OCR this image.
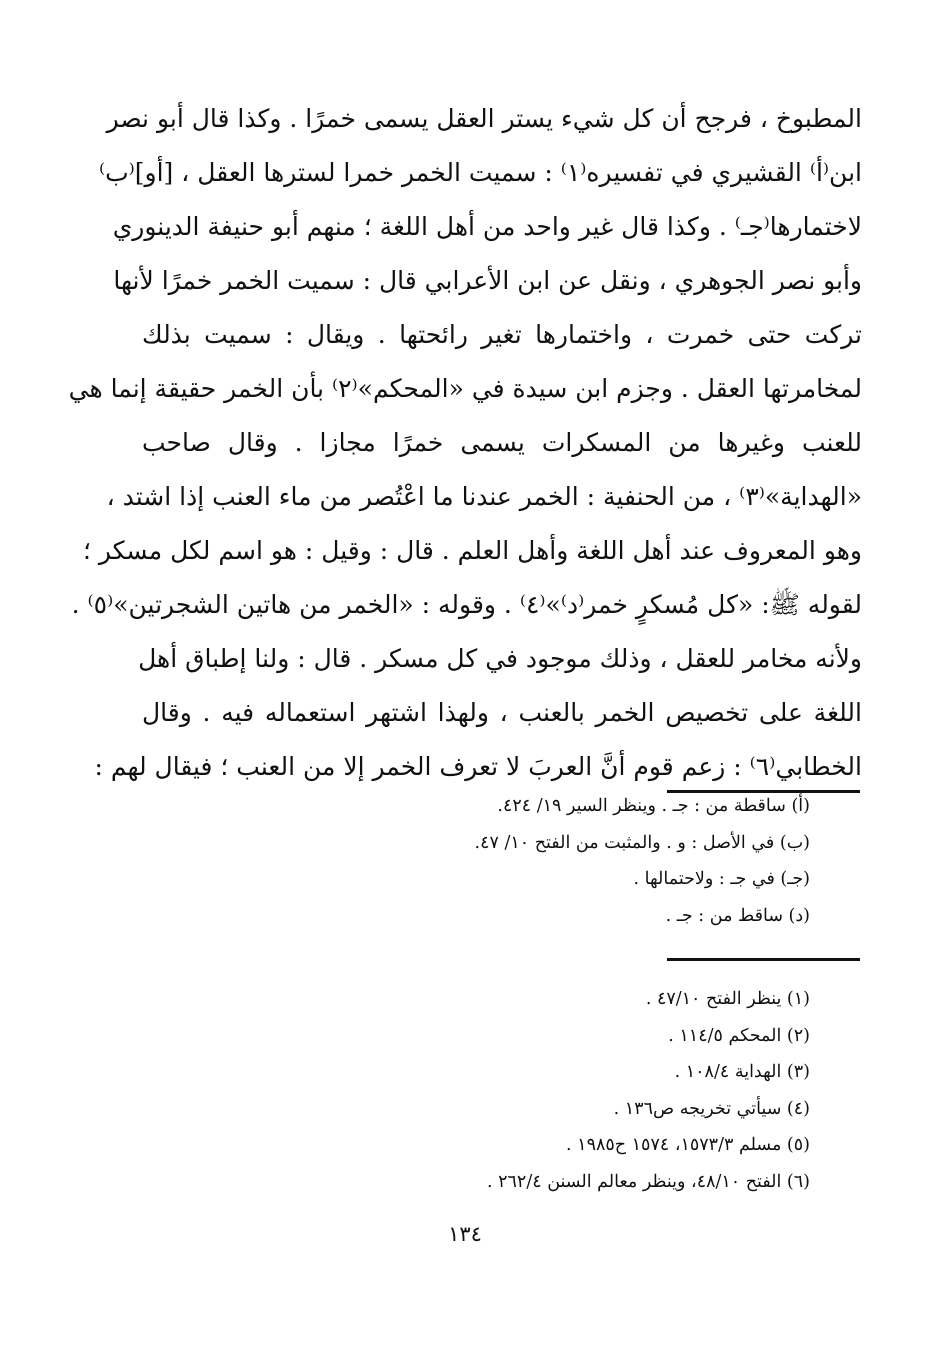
المطبوخ ، فرجح أن كل شيء يستر العقل يسمى خمرًا . وكذا قال أبو نصر
ابن⁽أ⁾ القشيري في تفسيره⁽١⁾ : سميت الخمر خمرا لسترها العقل ، [أو]⁽ب⁾
لاختمارها⁽جـ⁾ . وكذا قال غير واحد من أهل اللغة ؛ منهم أبو حنيفة الدينوري
وأبو نصر الجوهري ، ونقل عن ابن الأعرابي قال : سميت الخمر خمرًا لأنها
تركت حتى خمرت ، واختمارها تغير رائحتها . ويقال : سميت بذلك
لمخامرتها العقل . وجزم ابن سيدة في «المحكم»⁽٢⁾ بأن الخمر حقيقة إنما هي
للعنب وغيرها من المسكرات يسمى خمرًا مجازا . وقال صاحب
«الهداية»⁽٣⁾ ، من الحنفية : الخمر عندنا ما اعْتُصر من ماء العنب إذا اشتد ،
وهو المعروف عند أهل اللغة وأهل العلم . قال : وقيل : هو اسم لكل مسكر ؛
لقوله ﷺ: «كل مُسكرٍ خمر⁽د⁾»⁽٤⁾ . وقوله : «الخمر من هاتين الشجرتين»⁽٥⁾ .
ولأنه مخامر للعقل ، وذلك موجود في كل مسكر . قال : ولنا إطباق أهل
اللغة على تخصيص الخمر بالعنب ، ولهذا اشتهر استعماله فيه . وقال
الخطابي⁽٦⁾ : زعم قوم أنَّ العربَ لا تعرف الخمر إلا من العنب ؛ فيقال لهم :
(أ) ساقطة من : جـ . وينظر السير ١٩/ ٤٢٤.
(ب) في الأصل : و . والمثبت من الفتح ١٠/ ٤٧.
(جـ) في جـ : ولاحتمالها .
(د) ساقط من : جـ .
(١) ينظر الفتح ٤٧/١٠ .
(٢) المحكم ١١٤/٥ .
(٣) الهداية ١٠٨/٤ .
(٤) سيأتي تخريجه ص١٣٦ .
(٥) مسلم ١٥٧٣/٣، ١٥٧٤ ح١٩٨٥ .
(٦) الفتح ٤٨/١٠، وينظر معالم السنن ٢٦٢/٤ .
١٣٤
